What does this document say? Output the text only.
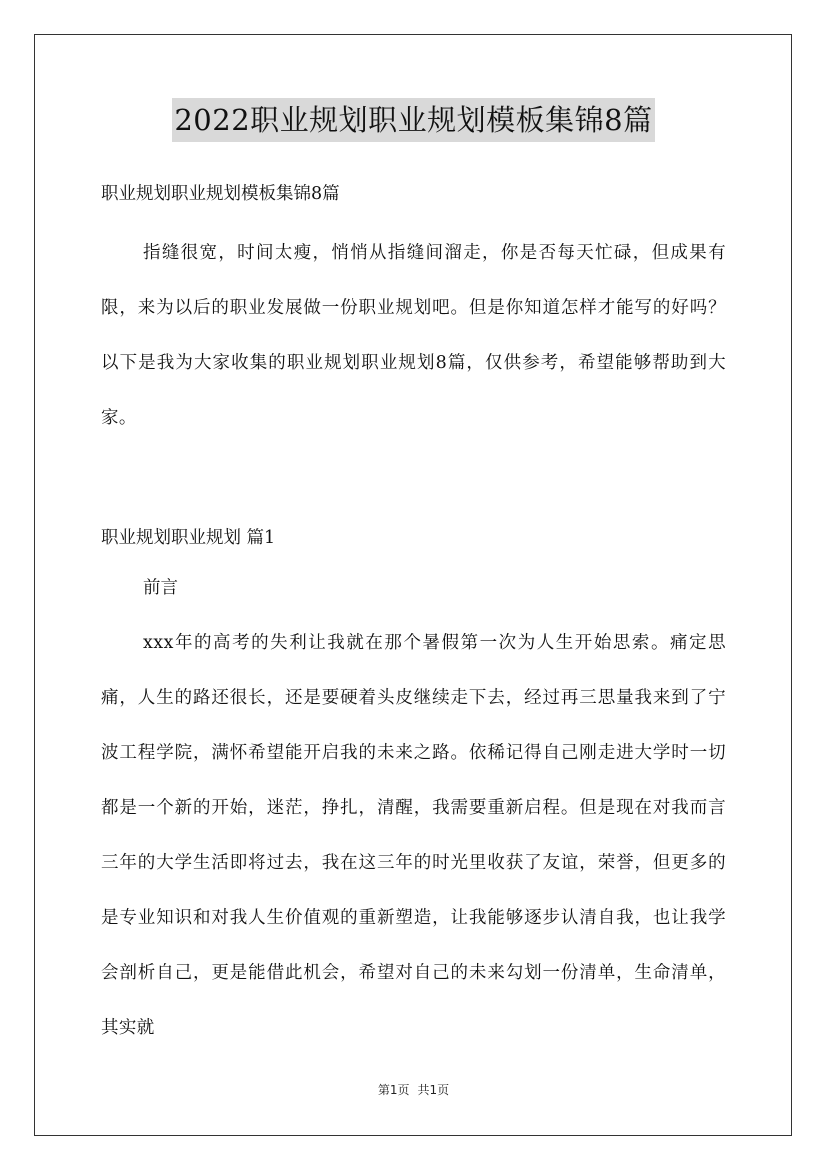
2022职业规划职业规划模板集锦8篇
职业规划职业规划模板集锦8篇

指缝很宽，时间太瘦，悄悄从指缝间溜走，你是否每天忙碌，但成果有限，来为以后的职业发展做一份职业规划吧。但是你知道怎样才能写的好吗？以下是我为大家收集的职业规划职业规划8篇，仅供参考，希望能够帮助到大家。

职业规划职业规划 篇1
前言

xxx年的高考的失利让我就在那个暑假第一次为人生开始思索。痛定思痛，人生的路还很长，还是要硬着头皮继续走下去，经过再三思量我来到了宁波工程学院，满怀希望能开启我的未来之路。依稀记得自己刚走进大学时一切都是一个新的开始，迷茫，挣扎，清醒，我需要重新启程。但是现在对我而言三年的大学生活即将过去，我在这三年的时光里收获了友谊，荣誉，但更多的是专业知识和对我人生价值观的重新塑造，让我能够逐步认清自我，也让我学会剖析自己，更是能借此机会，希望对自己的未来勾划一份清单，生命清单，其实就

第1页 共1页
